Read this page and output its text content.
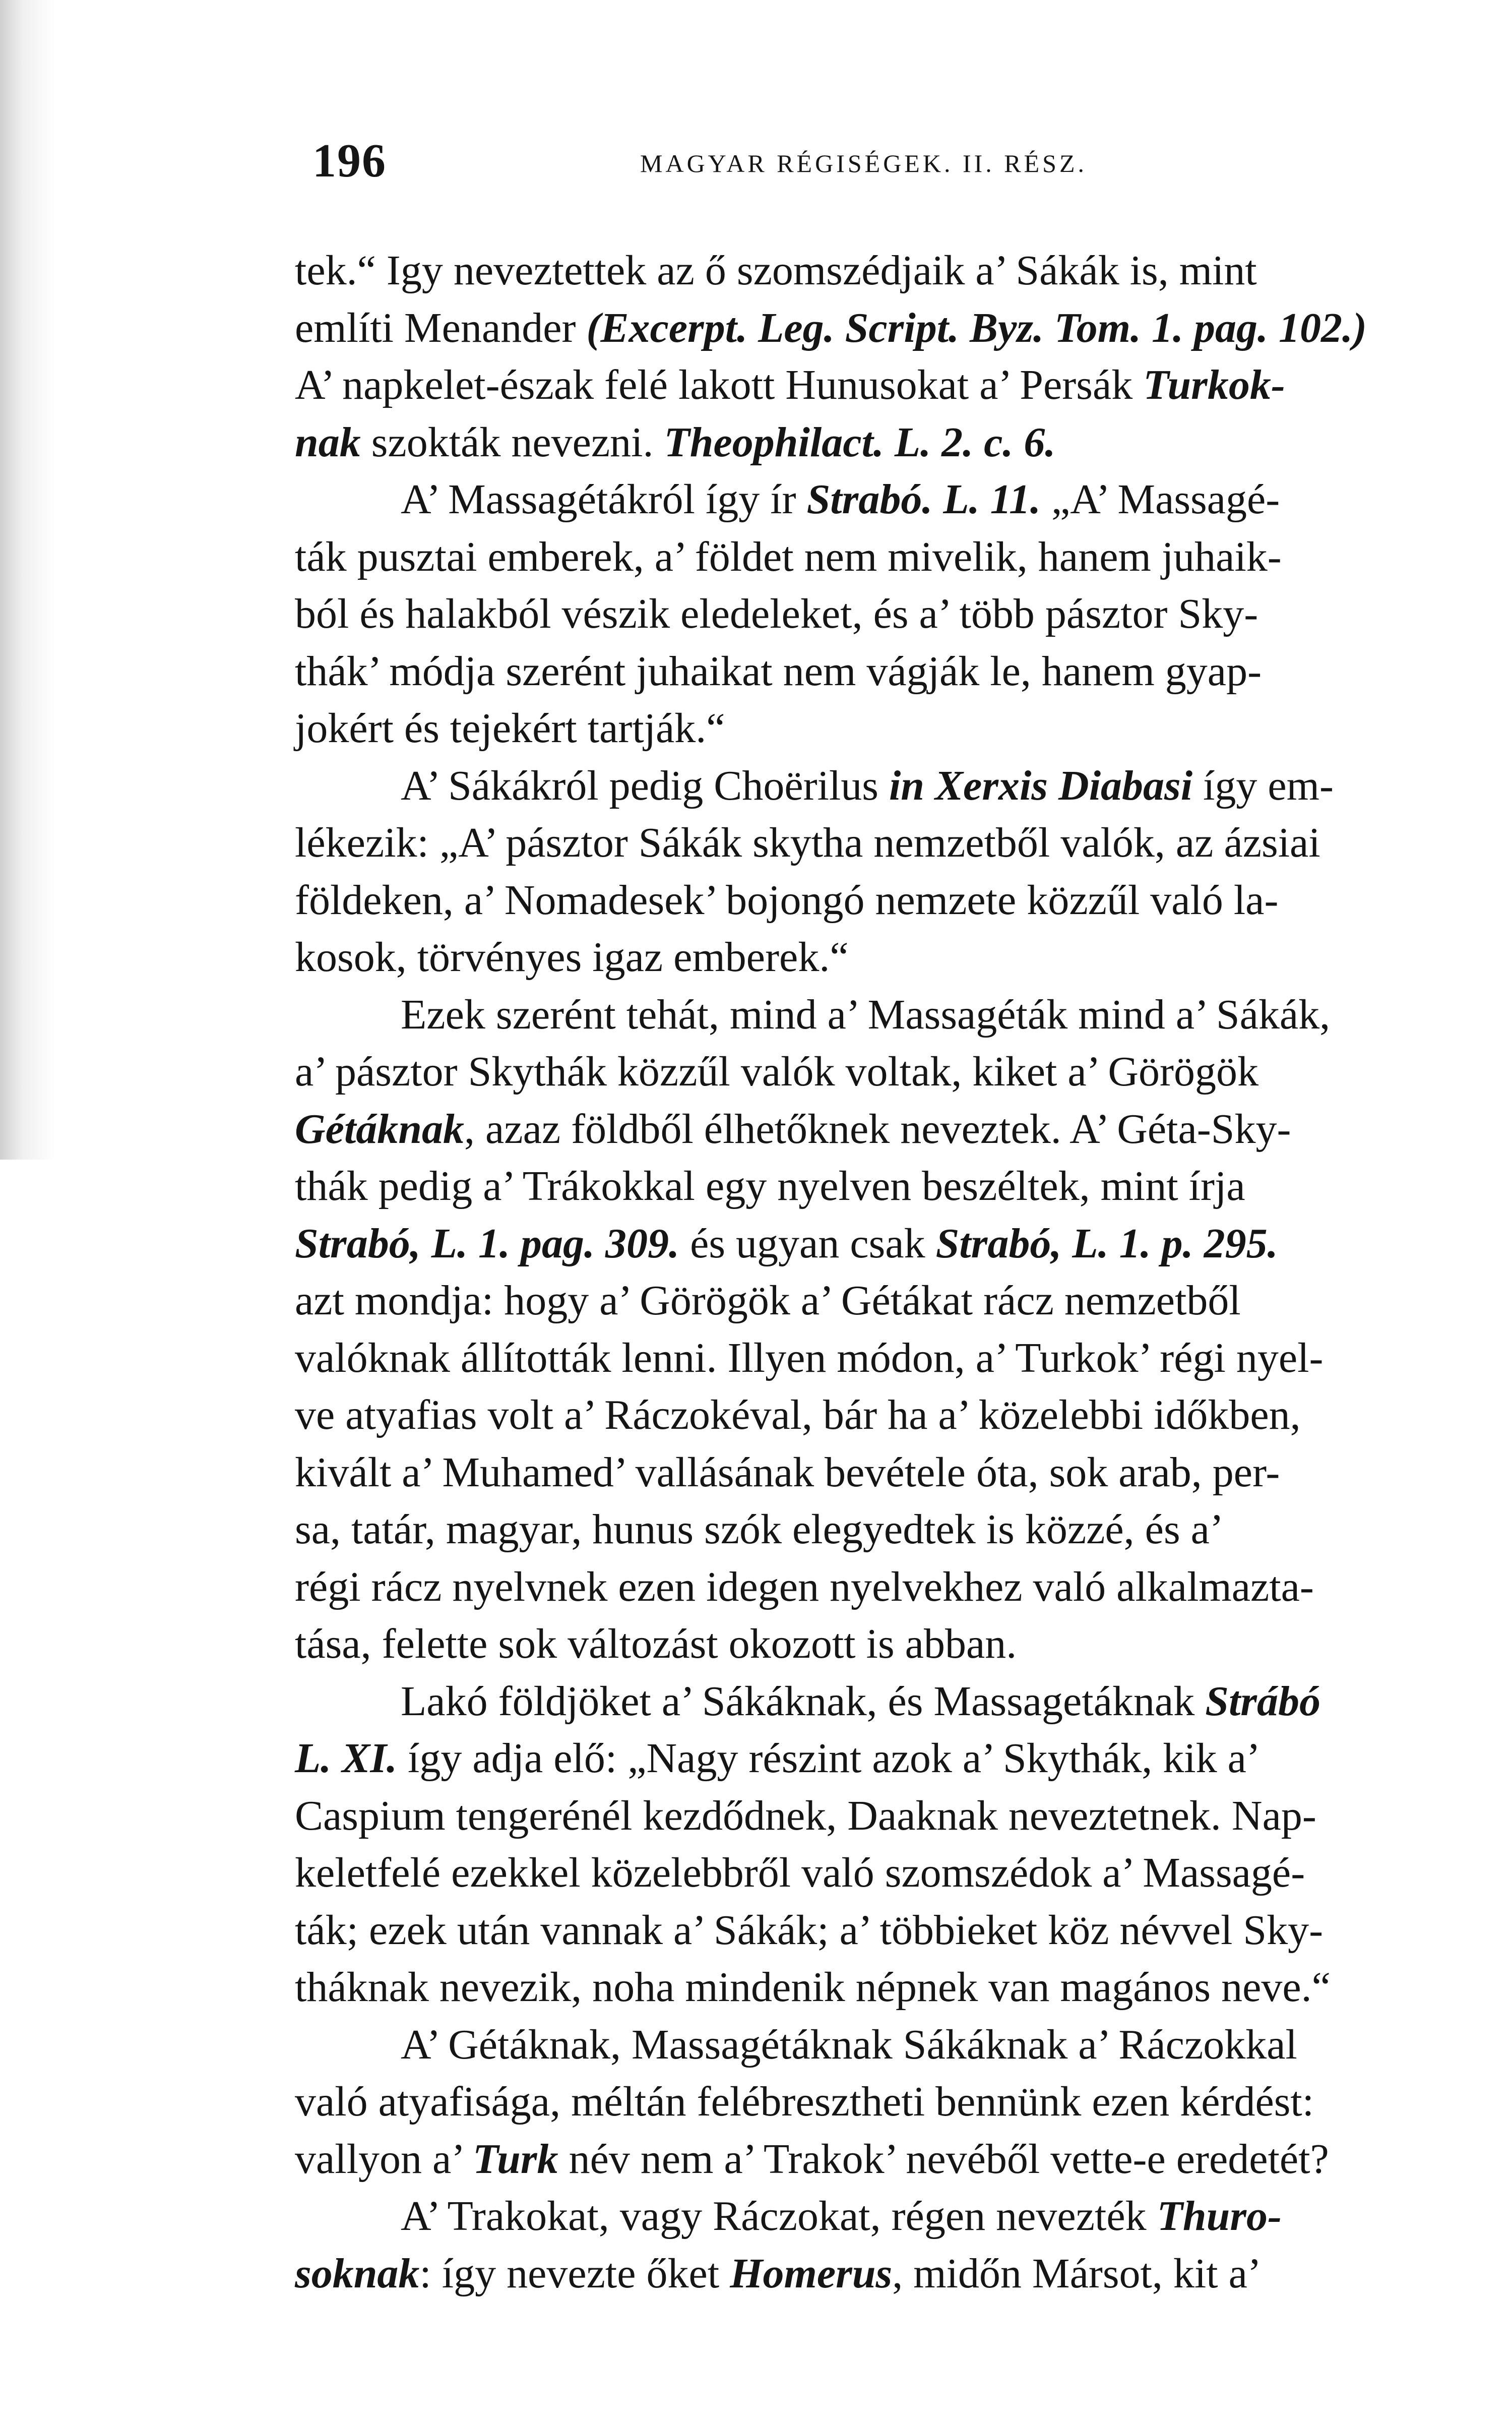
196	MAGYAR RÉGISÉGEK. II. RÉSZ.
tek.“ Igy neveztettek az ő szomszédjaik a’ Sákák is, mint
említi Menander (Excerpt. Leg. Script. Byz. Tom. 1. pag. 102.)
A’ napkelet-észak felé lakott Hunusokat a’ Persák Turkok-
nak szokták nevezni. Theophilact. L. 2. c. 6.
A’ Massagétákról így ír Strabó. L. 11. „A’ Massagé-
ták pusztai emberek, a’ földet nem mivelik, hanem juhaik-
ból és halakból vészik eledeleket, és a’ több pásztor Sky-
thák’ módja szerént juhaikat nem vágják le, hanem gyap-
jokért és tejekért tartják.“
A’ Sákákról pedig Choërilus in Xerxis Diabasi így em-
lékezik: „A’ pásztor Sákák skytha nemzetből valók, az ázsiai
földeken, a’ Nomadesek’ bojongó nemzete közzűl való la-
kosok, törvényes igaz emberek.“
Ezek szerént tehát, mind a’ Massagéták mind a’ Sákák,
a’ pásztor Skythák közzűl valók voltak, kiket a’ Görögök
Gétáknak, azaz földből élhetőknek neveztek. A’ Géta-Sky-
thák pedig a’ Trákokkal egy nyelven beszéltek, mint írja
Strabó, L. 1. pag. 309. és ugyan csak Strabó, L. 1. p. 295.
azt mondja: hogy a’ Görögök a’ Gétákat rácz nemzetből
valóknak állították lenni. Illyen módon, a’ Turkok’ régi nyel-
ve atyafias volt a’ Ráczokéval, bár ha a’ közelebbi időkben,
kivált a’ Muhamed’ vallásának bevétele óta, sok arab, per-
sa, tatár, magyar, hunus szók elegyedtek is közzé, és a’
régi rácz nyelvnek ezen idegen nyelvekhez való alkalmazta-
tása, felette sok változást okozott is abban.
Lakó földjöket a’ Sákáknak, és Massagetáknak Strábó
L. XI. így adja elő: „Nagy részint azok a’ Skythák, kik a’
Caspium tengerénél kezdődnek, Daaknak neveztetnek. Nap-
keletfelé ezekkel közelebbről való szomszédok a’ Massagé-
ták; ezek után vannak a’ Sákák; a’ többieket köz névvel Sky-
tháknak nevezik, noha mindenik népnek van magános neve.“
A’ Gétáknak, Massagétáknak Sákáknak a’ Ráczokkal
való atyafisága, méltán felébresztheti bennünk ezen kérdést:
vallyon a’ Turk név nem a’ Trakok’ nevéből vette-e eredetét?
A’ Trakokat, vagy Ráczokat, régen nevezték Thuro-
soknak: így nevezte őket Homerus, midőn Mársot, kit a’
